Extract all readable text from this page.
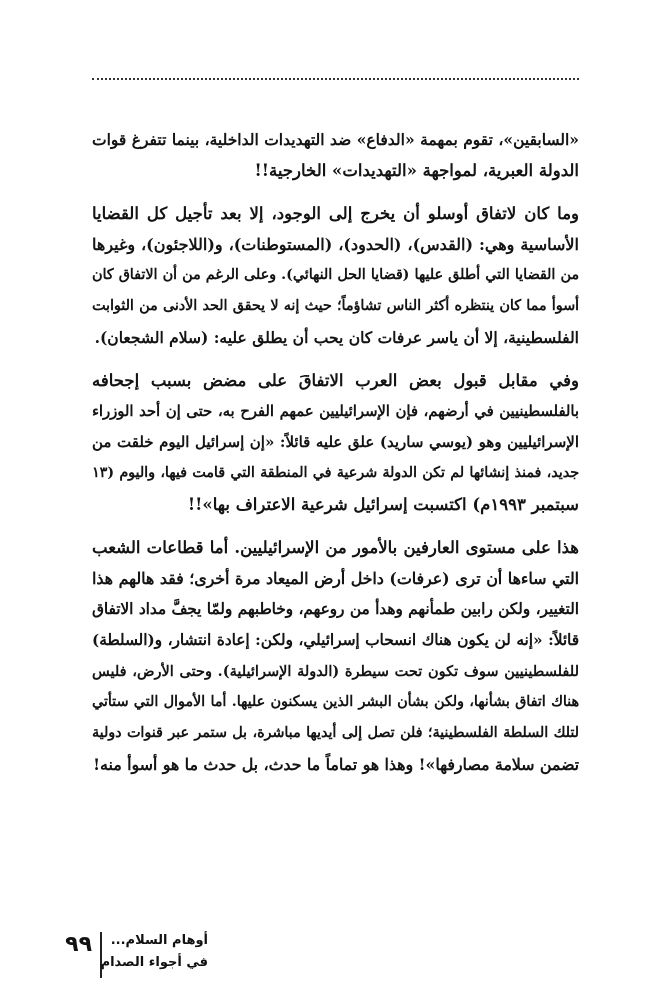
«السابقين»، تقوم بمهمة «الدفاع» ضد التهديدات الداخلية، بينما تتفرغ قوات
الدولة العبرية، لمواجهة «التهديدات» الخارجية!!
وما كان لاتفاق أوسلو أن يخرج إلى الوجود، إلا بعد تأجيل كل القضايا
الأساسية وهي: (القدس)، (الحدود)، (المستوطنات)، و(اللاجئون)، وغيرها
من القضايا التي أطلق عليها (قضايا الحل النهائي). وعلى الرغم من أن الاتفاق كان
أسوأ مما كان ينتظره أكثر الناس تشاؤماً؛ حيث إنه لا يحقق الحد الأدنى من الثوابت
الفلسطينية، إلا أن ياسر عرفات كان يحب أن يطلق عليه: (سلام الشجعان).
وفي مقابل قبول بعض العرب الاتفاقَ على مضض بسبب إجحافه
بالفلسطينيين في أرضهم، فإن الإسرائيليين عمهم الفرح به، حتى إن أحد الوزراء
الإسرائيليين وهو (يوسي ساريد) علق عليه قائلاً: «إن إسرائيل اليوم خلقت من
جديد، فمنذ إنشائها لم تكن الدولة شرعية في المنطقة التي قامت فيها، واليوم (١٣
سبتمبر ١٩٩٣م) اكتسبت إسرائيل شرعية الاعتراف بها»!!
هذا على مستوى العارفين بالأمور من الإسرائيليين. أما قطاعات الشعب
التي ساءها أن ترى (عرفات) داخل أرض الميعاد مرة أخرى؛ فقد هالهم هذا
التغيير، ولكن رابين طمأنهم وهدأ من روعهم، وخاطبهم ولمّا يجفَّ مداد الاتفاق
قائلاً: «إنه لن يكون هناك انسحاب إسرائيلي، ولكن: إعادة انتشار، و(السلطة)
للفلسطينيين سوف تكون تحت سيطرة (الدولة الإسرائيلية). وحتى الأرض، فليس
هناك اتفاق بشأنها، ولكن بشأن البشر الذين يسكنون عليها. أما الأموال التي ستأتي
لتلك السلطة الفلسطينية؛ فلن تصل إلى أيديها مباشرة، بل ستمر عبر قنوات دولية
تضمن سلامة مصارفها»! وهذا هو تماماً ما حدث، بل حدث ما هو أسوأ منه!
٩٩ أوهام السلام...
في أجواء الصدام
